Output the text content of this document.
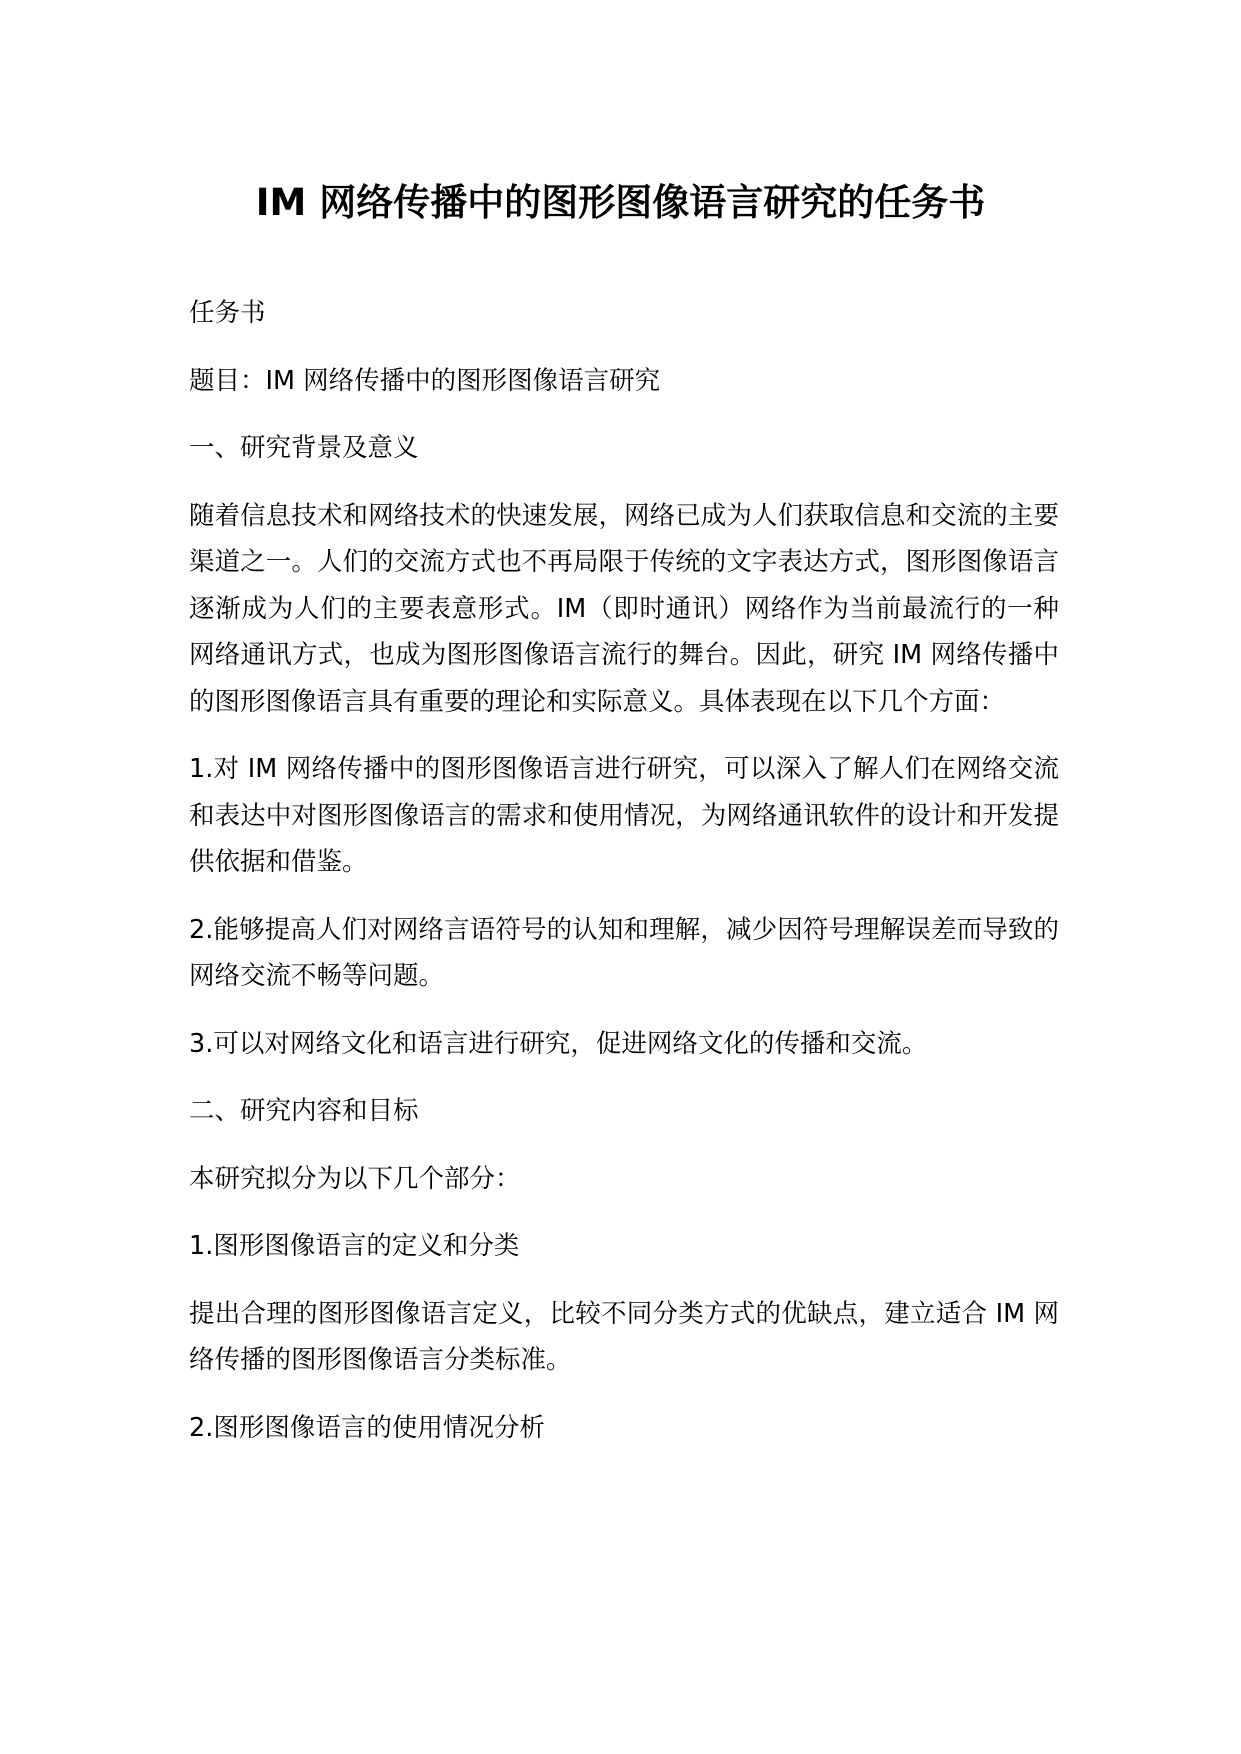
IM 网络传播中的图形图像语言研究的任务书

任务书

题目：IM 网络传播中的图形图像语言研究

一、研究背景及意义

随着信息技术和网络技术的快速发展，网络已成为人们获取信息和交流的主要渠道之一。人们的交流方式也不再局限于传统的文字表达方式，图形图像语言逐渐成为人们的主要表意形式。IM（即时通讯）网络作为当前最流行的一种网络通讯方式，也成为图形图像语言流行的舞台。因此，研究 IM 网络传播中的图形图像语言具有重要的理论和实际意义。具体表现在以下几个方面：

1.对 IM 网络传播中的图形图像语言进行研究，可以深入了解人们在网络交流和表达中对图形图像语言的需求和使用情况，为网络通讯软件的设计和开发提供依据和借鉴。

2.能够提高人们对网络言语符号的认知和理解，减少因符号理解误差而导致的网络交流不畅等问题。

3.可以对网络文化和语言进行研究，促进网络文化的传播和交流。

二、研究内容和目标

本研究拟分为以下几个部分：

1.图形图像语言的定义和分类

提出合理的图形图像语言定义，比较不同分类方式的优缺点，建立适合 IM 网络传播的图形图像语言分类标准。

2.图形图像语言的使用情况分析
